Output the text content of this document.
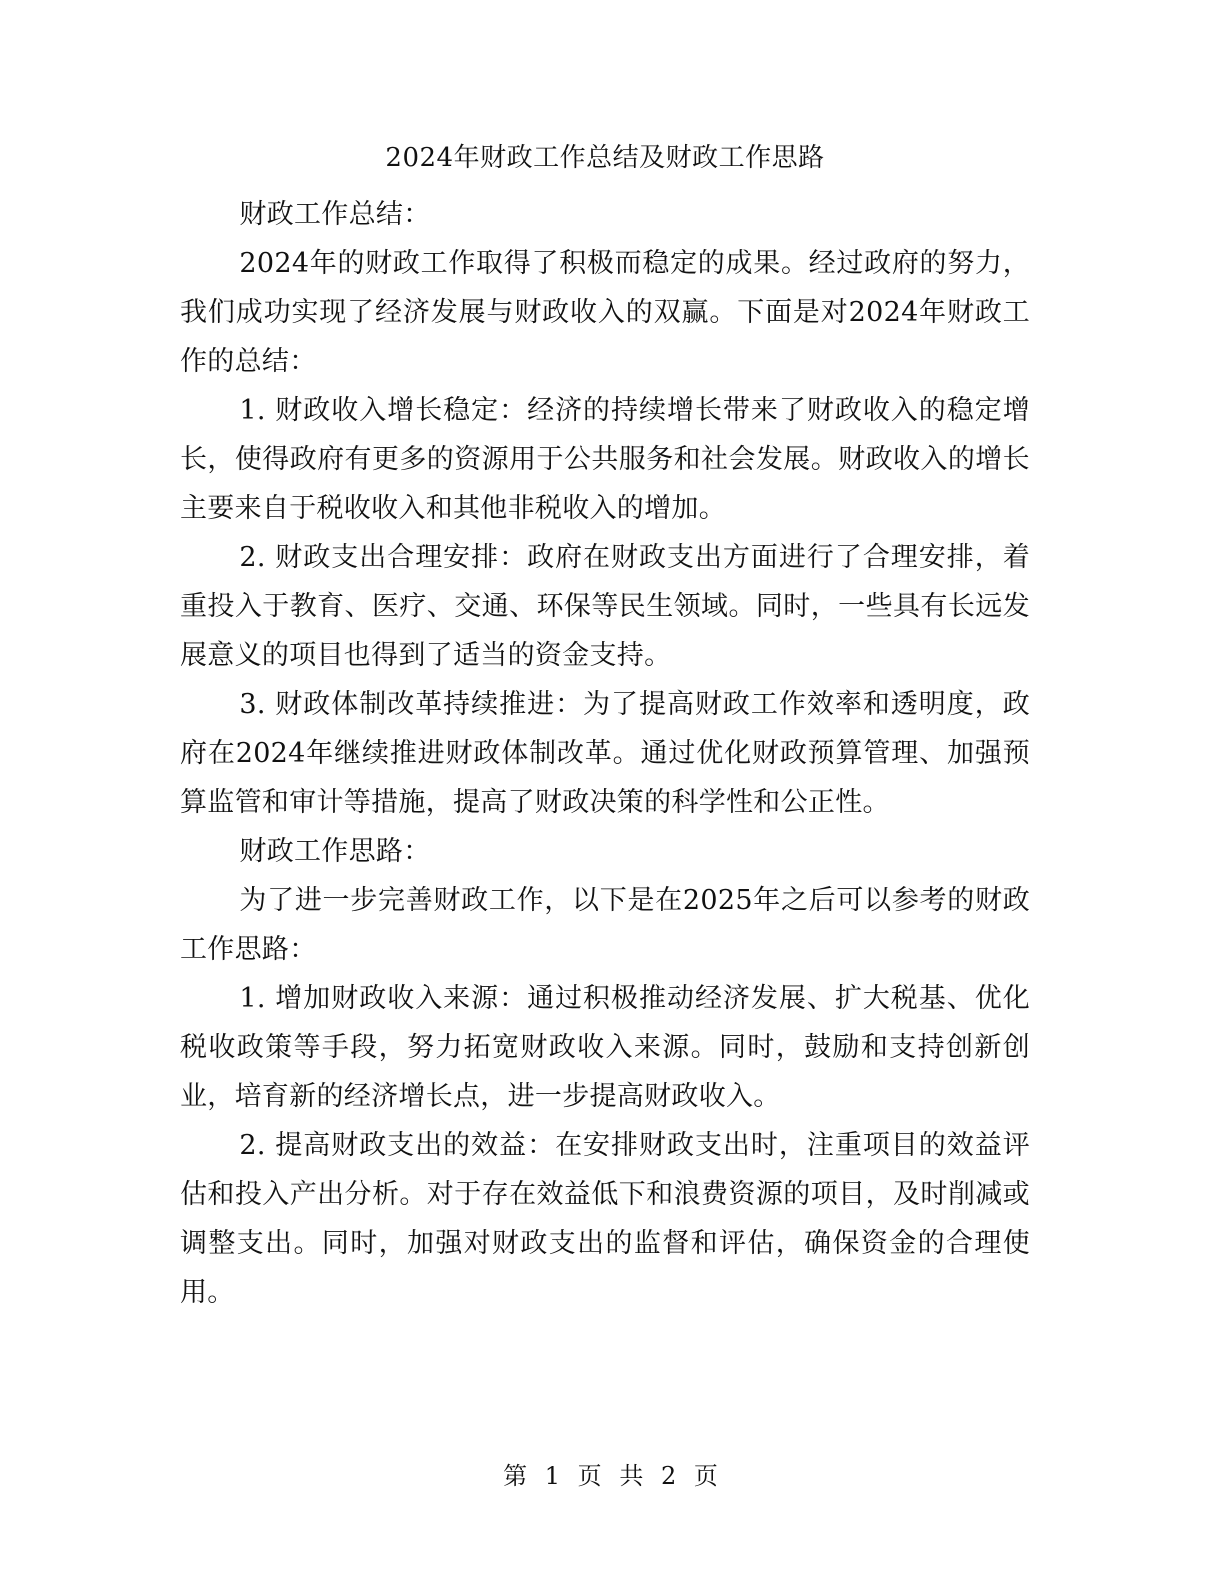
2024年财政工作总结及财政工作思路

财政工作总结：

2024年的财政工作取得了积极而稳定的成果。经过政府的努力，我们成功实现了经济发展与财政收入的双赢。下面是对2024年财政工作的总结：

1. 财政收入增长稳定：经济的持续增长带来了财政收入的稳定增长，使得政府有更多的资源用于公共服务和社会发展。财政收入的增长主要来自于税收收入和其他非税收入的增加。

2. 财政支出合理安排：政府在财政支出方面进行了合理安排，着重投入于教育、医疗、交通、环保等民生领域。同时，一些具有长远发展意义的项目也得到了适当的资金支持。

3. 财政体制改革持续推进：为了提高财政工作效率和透明度，政府在2024年继续推进财政体制改革。通过优化财政预算管理、加强预算监管和审计等措施，提高了财政决策的科学性和公正性。

财政工作思路：

为了进一步完善财政工作，以下是在2025年之后可以参考的财政工作思路：

1. 增加财政收入来源：通过积极推动经济发展、扩大税基、优化税收政策等手段，努力拓宽财政收入来源。同时，鼓励和支持创新创业，培育新的经济增长点，进一步提高财政收入。

2. 提高财政支出的效益：在安排财政支出时，注重项目的效益评估和投入产出分析。对于存在效益低下和浪费资源的项目，及时削减或调整支出。同时，加强对财政支出的监督和评估，确保资金的合理使用。

第 1 页 共 2 页
